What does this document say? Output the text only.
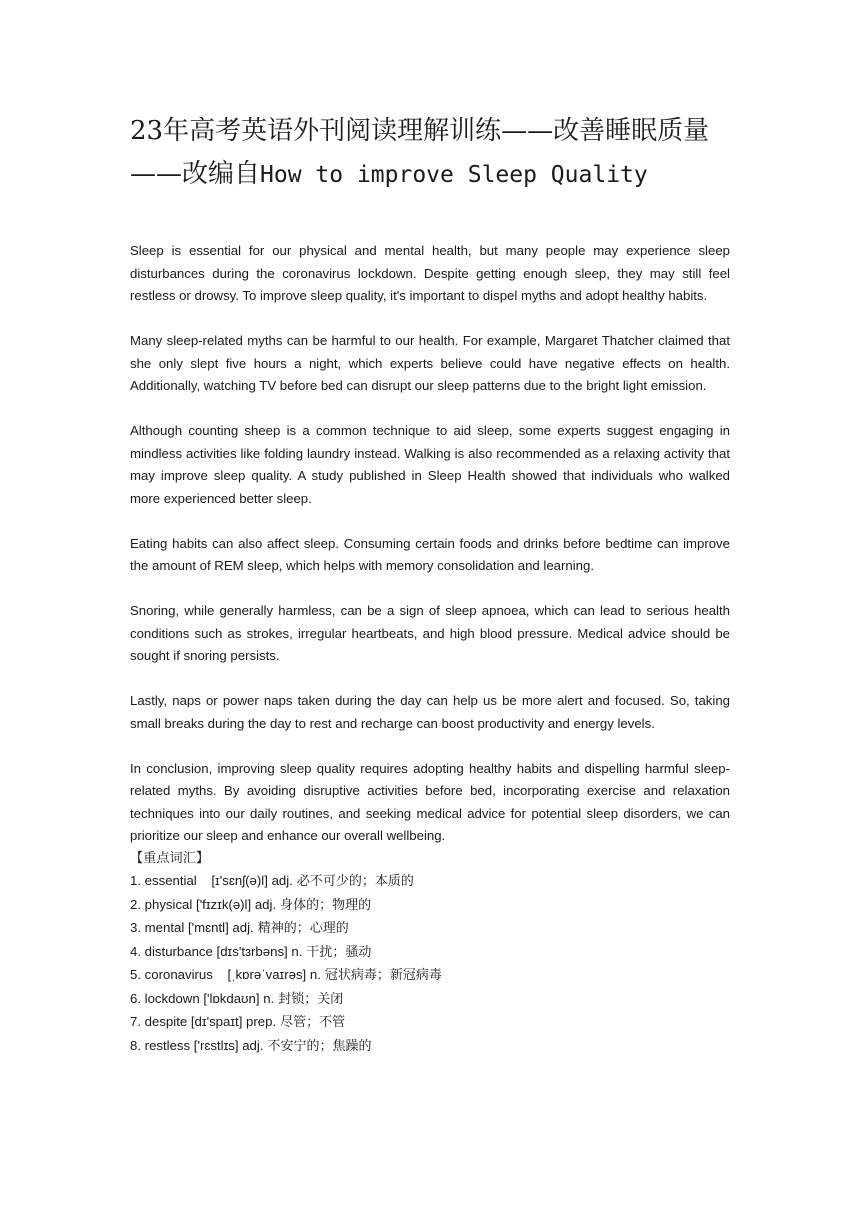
23年高考英语外刊阅读理解训练——改善睡眠质量
——改编自How to improve Sleep Quality

Sleep is essential for our physical and mental health, but many people may experience sleep disturbances during the coronavirus lockdown. Despite getting enough sleep, they may still feel restless or drowsy. To improve sleep quality, it's important to dispel myths and adopt healthy habits.

Many sleep-related myths can be harmful to our health. For example, Margaret Thatcher claimed that she only slept five hours a night, which experts believe could have negative effects on health. Additionally, watching TV before bed can disrupt our sleep patterns due to the bright light emission.

Although counting sheep is a common technique to aid sleep, some experts suggest engaging in mindless activities like folding laundry instead. Walking is also recommended as a relaxing activity that may improve sleep quality. A study published in Sleep Health showed that individuals who walked more experienced better sleep.

Eating habits can also affect sleep. Consuming certain foods and drinks before bedtime can improve the amount of REM sleep, which helps with memory consolidation and learning.

Snoring, while generally harmless, can be a sign of sleep apnoea, which can lead to serious health conditions such as strokes, irregular heartbeats, and high blood pressure. Medical advice should be sought if snoring persists.

Lastly, naps or power naps taken during the day can help us be more alert and focused. So, taking small breaks during the day to rest and recharge can boost productivity and energy levels.

In conclusion, improving sleep quality requires adopting healthy habits and dispelling harmful sleep-related myths. By avoiding disruptive activities before bed, incorporating exercise and relaxation techniques into our daily routines, and seeking medical advice for potential sleep disorders, we can prioritize our sleep and enhance our overall wellbeing.

【重点词汇】
1. essential [ɪ'sɛnʃ(ə)l] adj. 必不可少的；本质的
2. physical ['fɪzɪk(ə)l] adj. 身体的；物理的
3. mental ['mɛntl] adj. 精神的；心理的
4. disturbance [dɪs'tɜrbəns] n. 干扰；骚动
5. coronavirus [ˌkɒrəˈvaɪrəs] n. 冠状病毒；新冠病毒
6. lockdown ['lɒkdaʊn] n. 封锁；关闭
7. despite [dɪ'spaɪt] prep. 尽管；不管
8. restless ['rɛstlɪs] adj. 不安宁的；焦躁的
